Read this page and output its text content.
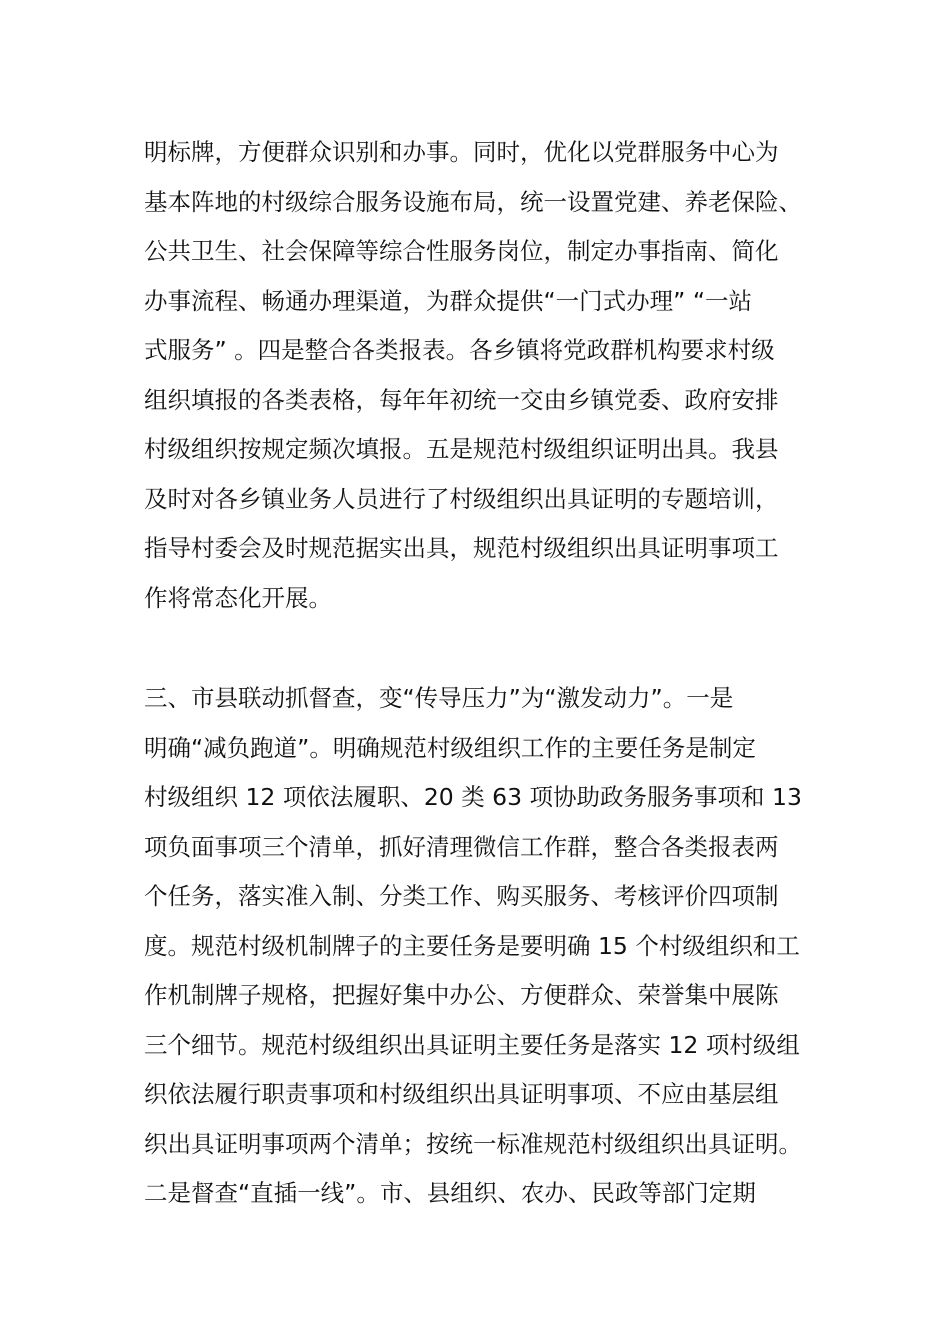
明标牌，方便群众识别和办事。同时，优化以党群服务中心为
基本阵地的村级综合服务设施布局，统一设置党建、养老保险、
公共卫生、社会保障等综合性服务岗位，制定办事指南、简化
办事流程、畅通办理渠道，为群众提供“一门式办理” “一站
式服务” 。四是整合各类报表。各乡镇将党政群机构要求村级
组织填报的各类表格，每年年初统一交由乡镇党委、政府安排
村级组织按规定频次填报。五是规范村级组织证明出具。我县
及时对各乡镇业务人员进行了村级组织出具证明的专题培训，
指导村委会及时规范据实出具，规范村级组织出具证明事项工
作将常态化开展。
三、市县联动抓督查，变“传导压力”为“激发动力”。一是
明确“减负跑道”。明确规范村级组织工作的主要任务是制定
村级组织 12 项依法履职、20 类 63 项协助政务服务事项和 13
项负面事项三个清单，抓好清理微信工作群，整合各类报表两
个任务，落实准入制、分类工作、购买服务、考核评价四项制
度。规范村级机制牌子的主要任务是要明确 15 个村级组织和工
作机制牌子规格，把握好集中办公、方便群众、荣誉集中展陈
三个细节。规范村级组织出具证明主要任务是落实 12 项村级组
织依法履行职责事项和村级组织出具证明事项、不应由基层组
织出具证明事项两个清单；按统一标准规范村级组织出具证明。
二是督查“直插一线”。市、县组织、农办、民政等部门定期
